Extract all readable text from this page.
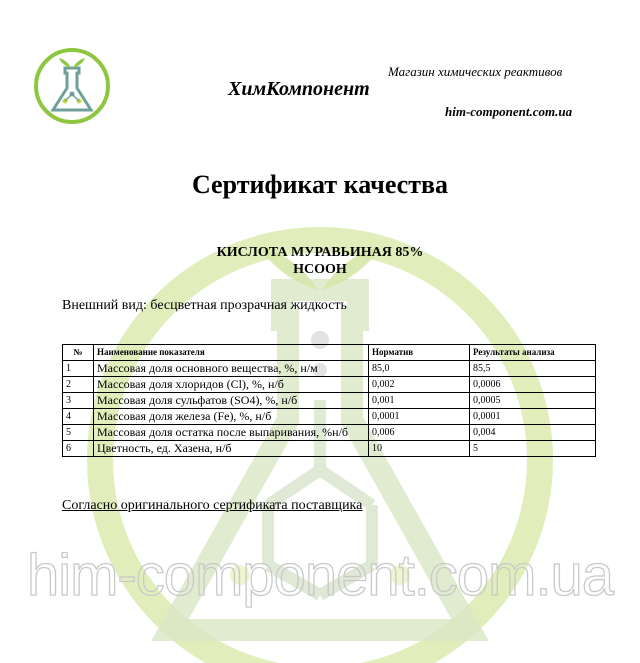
him-component.com.ua
Магазин химических реактивов
ХимКомпонент
him-component.com.ua
Сертификат качества
КИСЛОТА МУРАВЬИНАЯ 85%
HCOOH
Внешний вид: бесцветная прозрачная жидкость
№	Наименование показателя	Норматив	Результаты анализа
1	Массовая доля основного вещества, %, н/м	85,0	85,5
2	Массовая доля хлоридов (Cl), %, н/б	0,002	0,0006
3	Массовая доля сульфатов (SO4), %, н/б	0,001	0,0005
4	Массовая доля железа (Fe), %, н/б	0,0001	0,0001
5	Массовая доля остатка после выпаривания, %н/б	0,006	0,004
6	Цветность, ед. Хазена, н/б	10	5
Согласно оригинального сертификата поставщика
